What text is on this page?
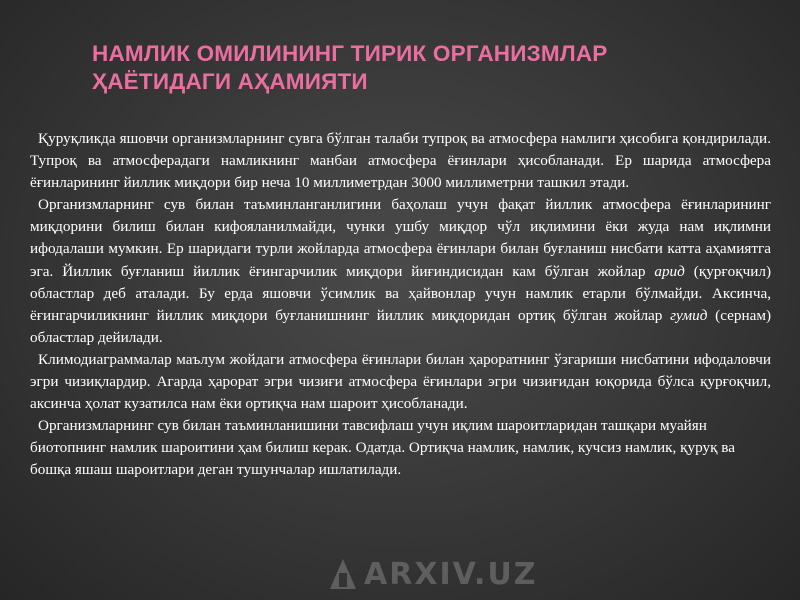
НАМЛИК ОМИЛИНИНГ ТИРИК ОРГАНИЗМЛАР
ҲАЁТИДАГИ АҲАМИЯТИ

Қуруқликда яшовчи организмларнинг сувга бўлган талаби тупроқ ва атмосфера намлиги ҳисобига қондирилади. Тупроқ ва атмосферадаги намликнинг манбаи атмосфера ёғинлари ҳисобланади. Ер шарида атмосфера ёғинларининг йиллик миқдори бир неча 10 миллиметрдан 3000 миллиметрни ташкил этади.

Организмларнинг сув билан таъминланганлигини баҳолаш учун фақат йиллик атмосфера ёғинларининг миқдорини билиш билан кифояланилмайди, чунки ушбу миқдор чўл иқлимини ёки жуда нам иқлимни ифодалаши мумкин. Ер шаридаги турли жойларда атмосфера ёғинлари билан буғланиш нисбати катта аҳамиятга эга. Йиллик буғланиш йиллик ёғингарчилик миқдори йиғиндисидан кам бўлган жойлар арид (қурғоқчил) областлар деб аталади. Бу ерда яшовчи ўсимлик ва ҳайвонлар учун намлик етарли бўлмайди. Аксинча, ёғингарчиликнинг йиллик миқдори буғланишнинг йиллик миқдоридан ортиқ бўлган жойлар гумид (сернам) областлар дейилади.

Климодиаграммалар маълум жойдаги атмосфера ёғинлари билан ҳароратнинг ўзгариши нисбатини ифодаловчи эгри чизиқлардир. Агарда ҳарорат эгри чизиғи атмосфера ёғинлари эгри чизиғидан юқорида бўлса қурғоқчил, аксинча ҳолат кузатилса нам ёки ортиқча нам шароит ҳисобланади.

Организмларнинг сув билан таъминланишини тавсифлаш учун иқлим шароитларидан ташқари муайян биотопнинг намлик шароитини ҳам билиш керак. Одатда. Ортиқча намлик, намлик, кучсиз намлик, қуруқ ва бошқа яшаш шароитлари деган тушунчалар ишлатилади.

ARXIV.UZ
